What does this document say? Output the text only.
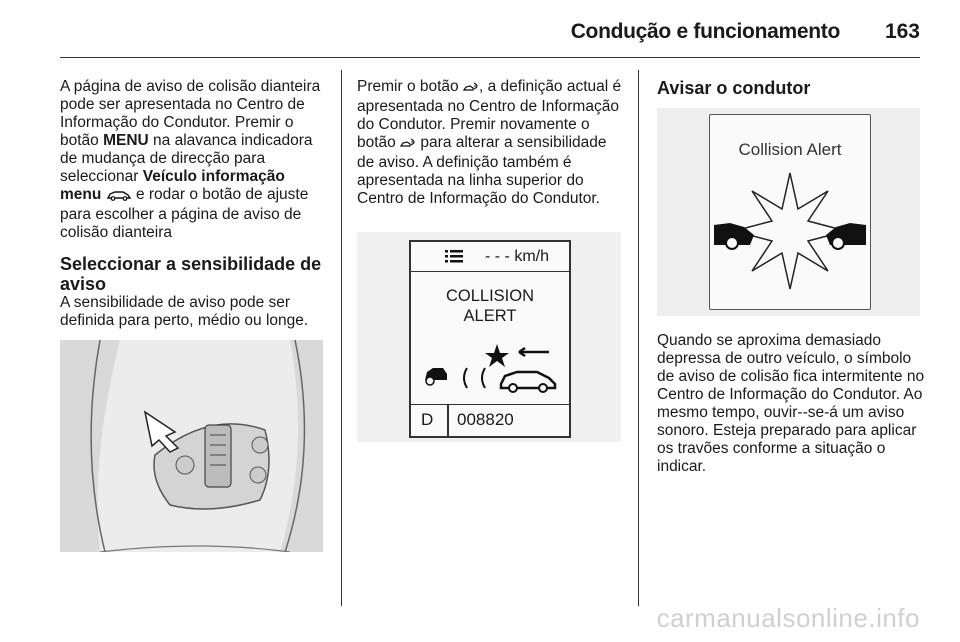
Condução e funcionamento 163

A página de aviso de colisão dianteira pode ser apresentada no Centro de Informação do Condutor. Premir o botão MENU na alavanca indicadora de mudança de direcção para seleccionar Veículo informação menu  e rodar o botão de ajuste para escolher a página de aviso de colisão dianteira

Seleccionar a sensibilidade de aviso

A sensibilidade de aviso pode ser definida para perto, médio ou longe.

Premir o botão , a definição actual é apresentada no Centro de Informação do Condutor. Premir novamente o botão  para alterar a sensibilidade de aviso. A definição também é apresentada na linha superior do Centro de Informação do Condutor.

- - - km/h
COLLISION
ALERT
D 008820
Avisar o condutor
Collision Alert

Quando se aproxima demasiado depressa de outro veículo, o símbolo de aviso de colisão fica intermitente no Centro de Informação do Condutor. Ao mesmo tempo, ouvir--se-á um aviso sonoro. Esteja preparado para aplicar os travões conforme a situação o indicar.

carmanualsonline.info
